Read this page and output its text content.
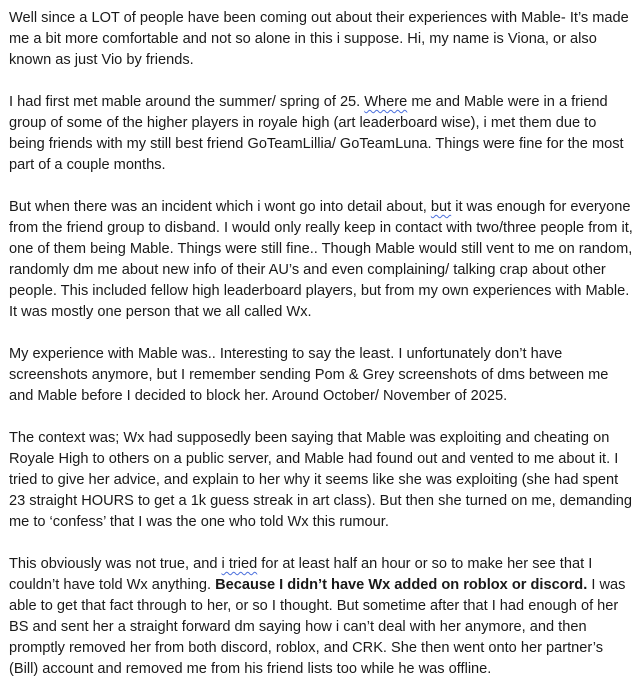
Well since a LOT of people have been coming out about their experiences with Mable- It’s made me a bit more comfortable and not so alone in this i suppose. Hi, my name is Viona, or also known as just Vio by friends.

I had first met mable around the summer/ spring of 25. Where me and Mable were in a friend group of some of the higher players in royale high (art leaderboard wise), i met them due to being friends with my still best friend GoTeamLillia/ GoTeamLuna. Things were fine for the most part of a couple months.

But when there was an incident which i wont go into detail about, but it was enough for everyone from the friend group to disband. I would only really keep in contact with two/three people from it, one of them being Mable. Things were still fine.. Though Mable would still vent to me on random, randomly dm me about new info of their AU’s and even complaining/ talking crap about other people. This included fellow high leaderboard players, but from my own experiences with Mable. It was mostly one person that we all called Wx.

My experience with Mable was.. Interesting to say the least. I unfortunately don’t have screenshots anymore, but I remember sending Pom & Grey screenshots of dms between me and Mable before I decided to block her. Around October/ November of 2025.

The context was; Wx had supposedly been saying that Mable was exploiting and cheating on Royale High to others on a public server, and Mable had found out and vented to me about it. I tried to give her advice, and explain to her why it seems like she was exploiting (she had spent 23 straight HOURS to get a 1k guess streak in art class). But then she turned on me, demanding me to ‘confess’ that I was the one who told Wx this rumour.

This obviously was not true, and i tried for at least half an hour or so to make her see that I couldn’t have told Wx anything. Because I didn’t have Wx added on roblox or discord. I was able to get that fact through to her, or so I thought. But sometime after that I had enough of her BS and sent her a straight forward dm saying how i can’t deal with her anymore, and then promptly removed her from both discord, roblox, and CRK. She then went onto her partner’s (Bill) account and removed me from his friend lists too while he was offline.
